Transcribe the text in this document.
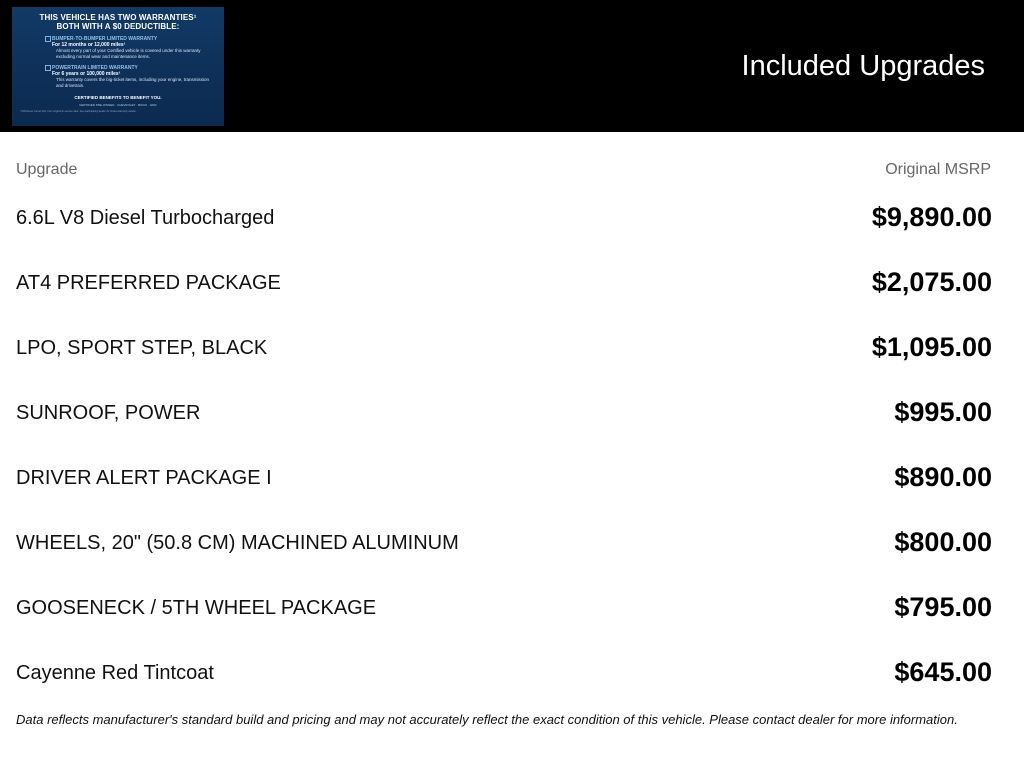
THIS VEHICLE HAS TWO WARRANTIES¹
BOTH WITH A $0 DEDUCTIBLE:
BUMPER-TO-BUMPER LIMITED WARRANTY
For 12 months or 12,000 miles¹
Almost every part of your Certified vehicle is covered under this warranty excluding normal wear and maintenance items.
POWERTRAIN LIMITED WARRANTY
For 6 years or 100,000 miles¹
This warranty covers the big-ticket items, including your engine, transmission and drivetrain.
CERTIFIED BENEFITS TO BENEFIT YOU.
CERTIFIED PRE-OWNED · CHEVROLET · BUICK · GMC
¹ Whichever comes first, from original in-service date. See participating dealer for limited warranty details.
Included Upgrades
Upgrade	Original MSRP
6.6L V8 Diesel Turbocharged	$9,890.00
AT4 PREFERRED PACKAGE	$2,075.00
LPO, SPORT STEP, BLACK	$1,095.00
SUNROOF, POWER	$995.00
DRIVER ALERT PACKAGE I	$890.00
WHEELS, 20" (50.8 CM) MACHINED ALUMINUM	$800.00
GOOSENECK / 5TH WHEEL PACKAGE	$795.00
Cayenne Red Tintcoat	$645.00
Data reflects manufacturer's standard build and pricing and may not accurately reflect the exact condition of this vehicle. Please contact dealer for more information.
